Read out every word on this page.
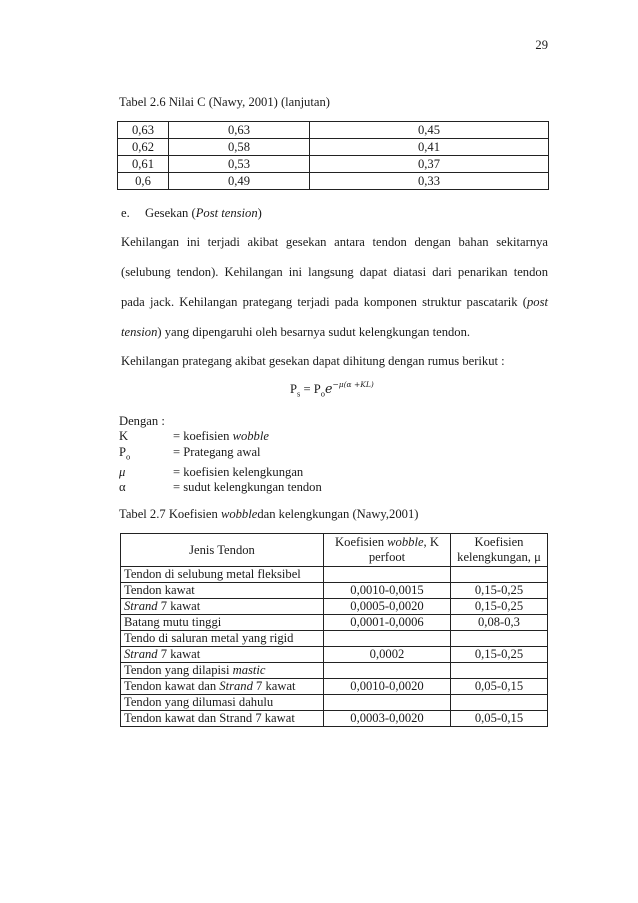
29
Tabel 2.6 Nilai C (Nawy, 2001) (lanjutan)
0,63	0,63	0,45
0,62	0,58	0,41
0,61	0,53	0,37
0,6	0,49	0,33
e. Gesekan (Post tension)
Kehilangan ini terjadi akibat gesekan antara tendon dengan bahan sekitarnya
(selubung tendon). Kehilangan ini langsung dapat diatasi dari penarikan tendon
pada jack. Kehilangan prategang terjadi pada komponen struktur pascatarik (post
tension) yang dipengaruhi oleh besarnya sudut kelengkungan tendon.
Kehilangan prategang akibat gesekan dapat dihitung dengan rumus berikut :
$P_s = P_oe^{-\mu(\alpha +KL)}$
Dengan :
K	= koefisien wobble
$P_o$	= Prategang awal
μ	= koefisien kelengkungan
α	= sudut kelengkungan tendon
Tabel 2.7 Koefisien wobbledan kelengkungan (Nawy,2001)
Jenis Tendon	Koefisien wobble, K perfoot	Koefisien kelengkungan, μ
Tendon di selubung metal fleksibel		
Tendon kawat	0,0010-0,0015	0,15-0,25
Strand 7 kawat	0,0005-0,0020	0,15-0,25
Batang mutu tinggi	0,0001-0,0006	0,08-0,3
Tendo di saluran metal yang rigid		
Strand 7 kawat	0,0002	0,15-0,25
Tendon yang dilapisi mastic		
Tendon kawat dan Strand 7 kawat	0,0010-0,0020	0,05-0,15
Tendon yang dilumasi dahulu		
Tendon kawat dan Strand 7 kawat	0,0003-0,0020	0,05-0,15
